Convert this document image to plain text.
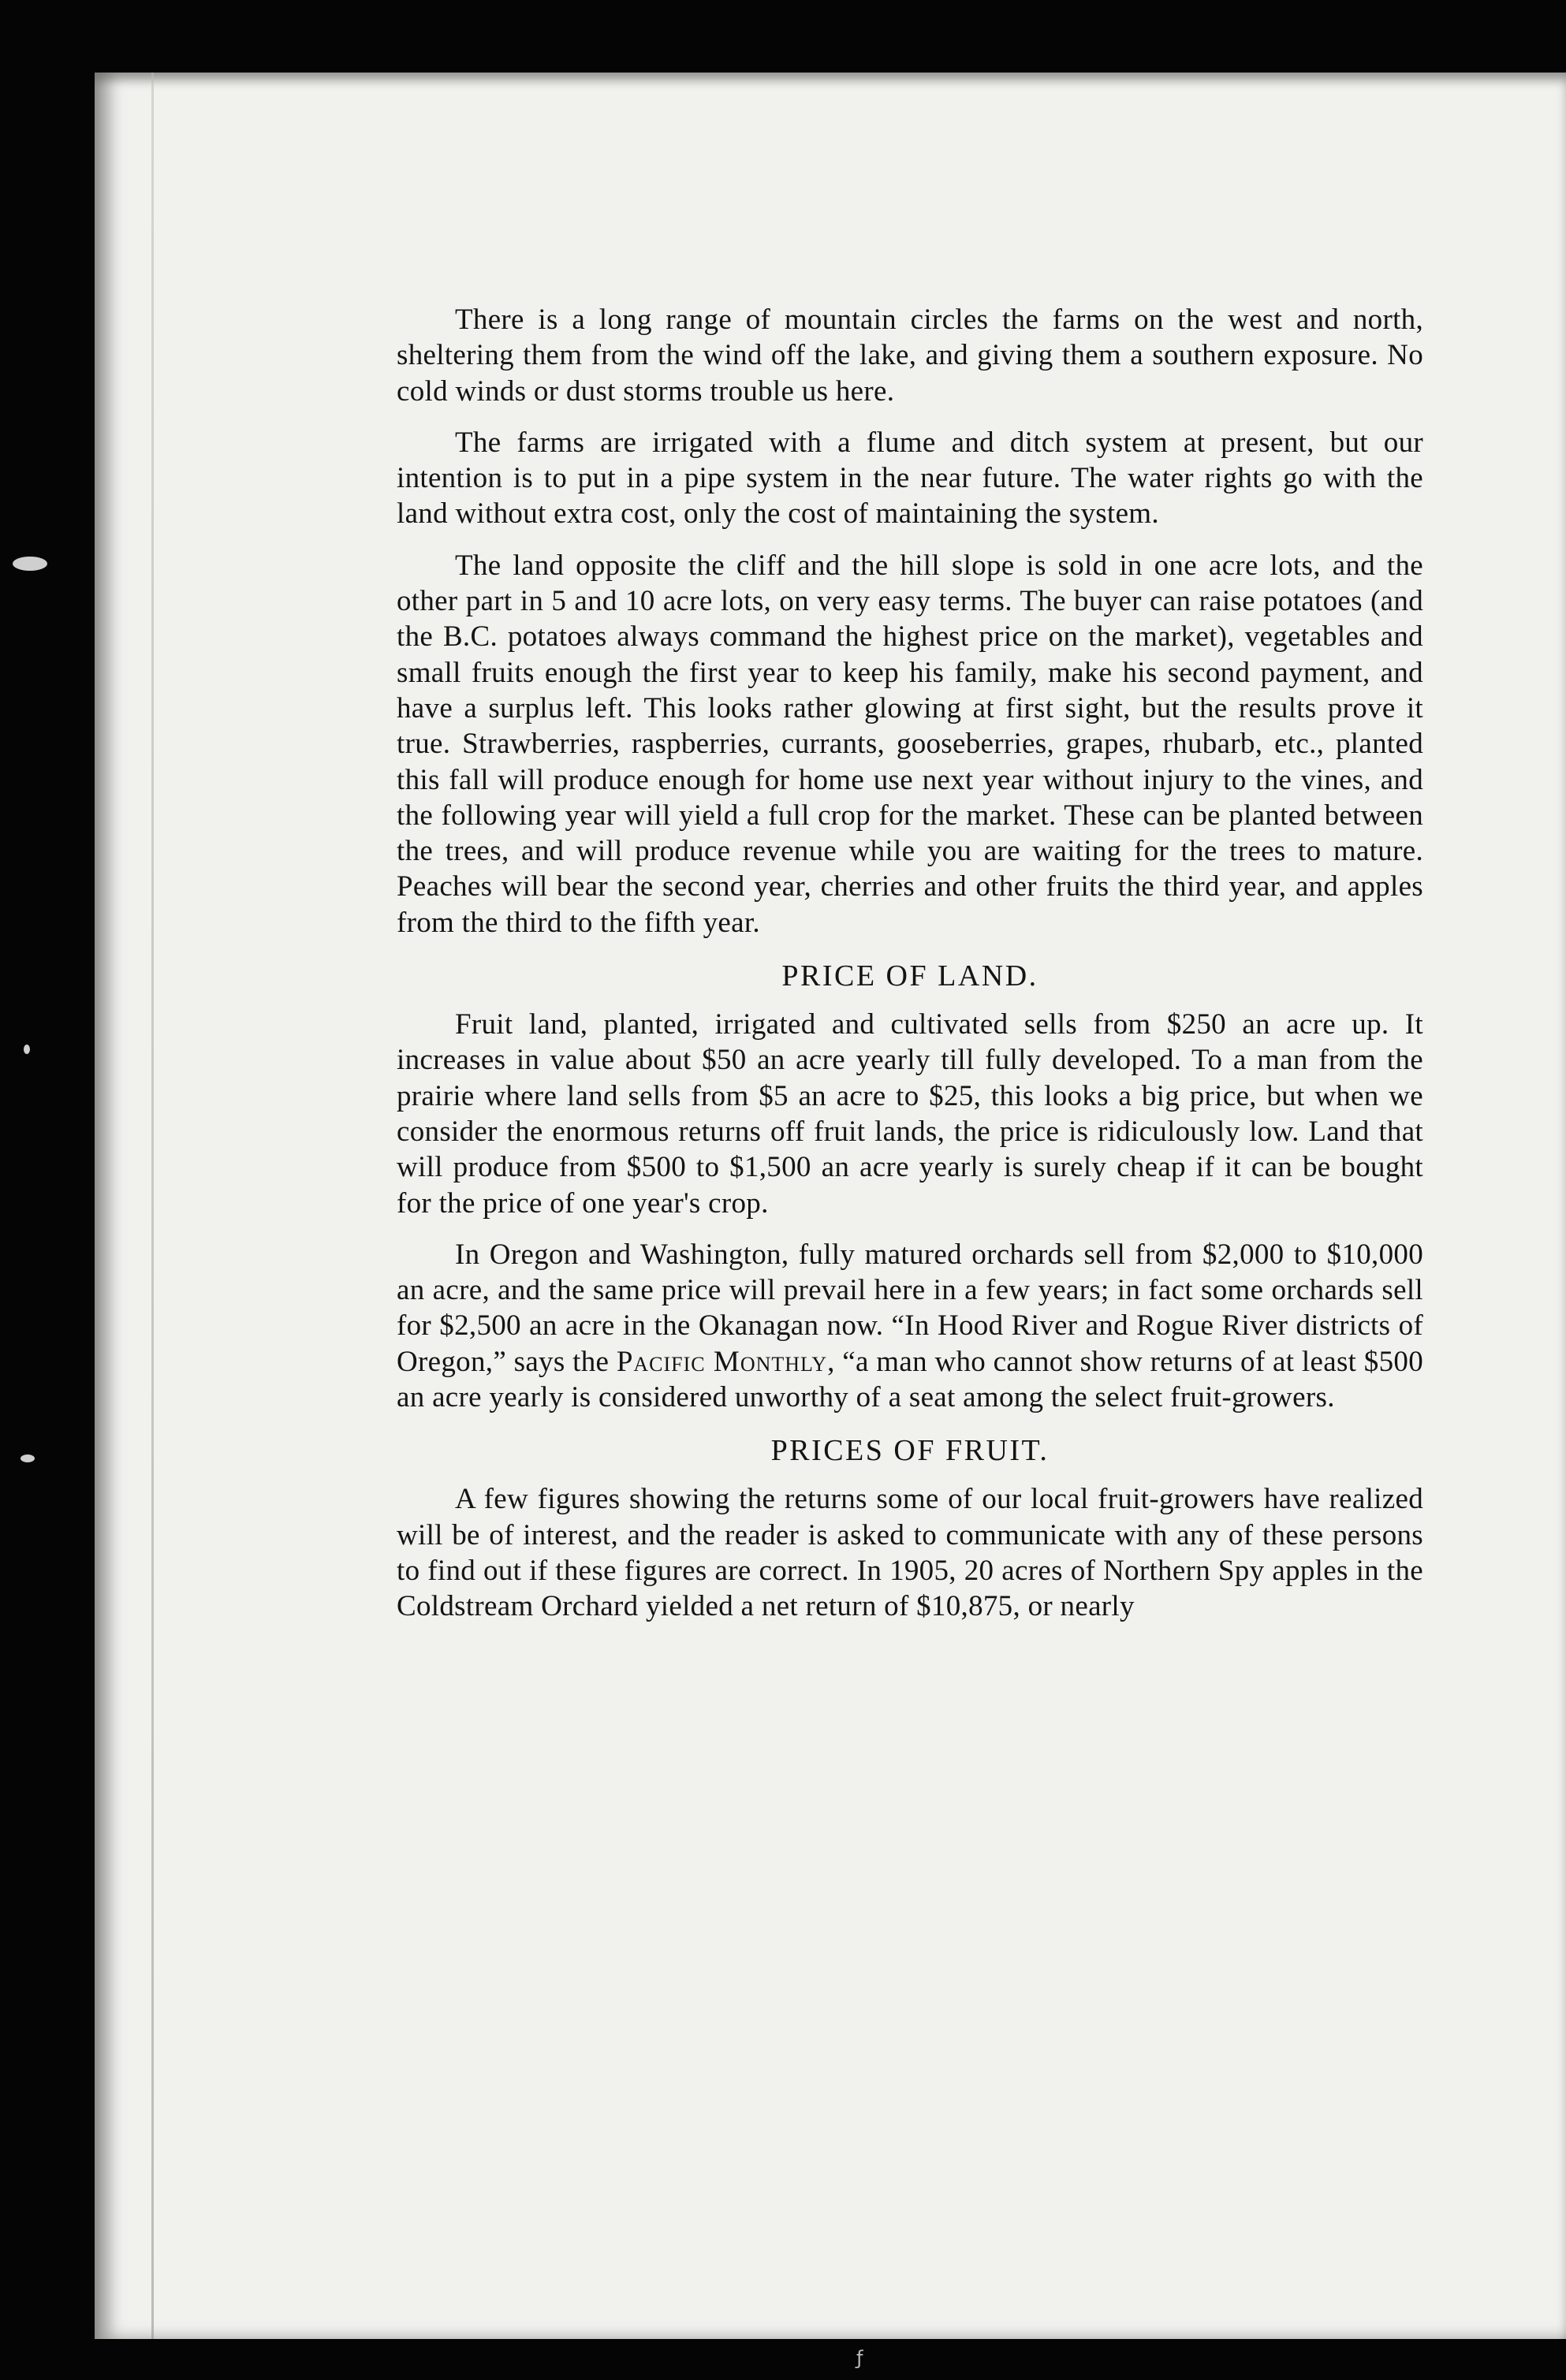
There is a long range of mountain circles the farms on the west and north, sheltering them from the wind off the lake, and giving them a southern exposure. No cold winds or dust storms trouble us here.

The farms are irrigated with a flume and ditch system at present, but our intention is to put in a pipe system in the near future. The water rights go with the land without extra cost, only the cost of maintaining the system.

The land opposite the cliff and the hill slope is sold in one acre lots, and the other part in 5 and 10 acre lots, on very easy terms. The buyer can raise potatoes (and the B.C. potatoes always command the highest price on the market), vegetables and small fruits enough the first year to keep his family, make his second payment, and have a surplus left. This looks rather glowing at first sight, but the results prove it true. Strawberries, raspberries, currants, gooseberries, grapes, rhubarb, etc., planted this fall will produce enough for home use next year without injury to the vines, and the following year will yield a full crop for the market. These can be planted between the trees, and will produce revenue while you are waiting for the trees to mature. Peaches will bear the second year, cherries and other fruits the third year, and apples from the third to the fifth year.

PRICE OF LAND.

Fruit land, planted, irrigated and cultivated sells from $250 an acre up. It increases in value about $50 an acre yearly till fully developed. To a man from the prairie where land sells from $5 an acre to $25, this looks a big price, but when we consider the enormous returns off fruit lands, the price is ridiculously low. Land that will produce from $500 to $1,500 an acre yearly is surely cheap if it can be bought for the price of one year's crop.

In Oregon and Washington, fully matured orchards sell from $2,000 to $10,000 an acre, and the same price will prevail here in a few years; in fact some orchards sell for $2,500 an acre in the Okanagan now. “In Hood River and Rogue River districts of Oregon,” says the Pacific Monthly, “a man who cannot show returns of at least $500 an acre yearly is considered unworthy of a seat among the select fruit-growers.

PRICES OF FRUIT.

A few figures showing the returns some of our local fruit-growers have realized will be of interest, and the reader is asked to communicate with any of these persons to find out if these figures are correct. In 1905, 20 acres of Northern Spy apples in the Coldstream Orchard yielded a net return of $10,875, or nearly

ƒ
